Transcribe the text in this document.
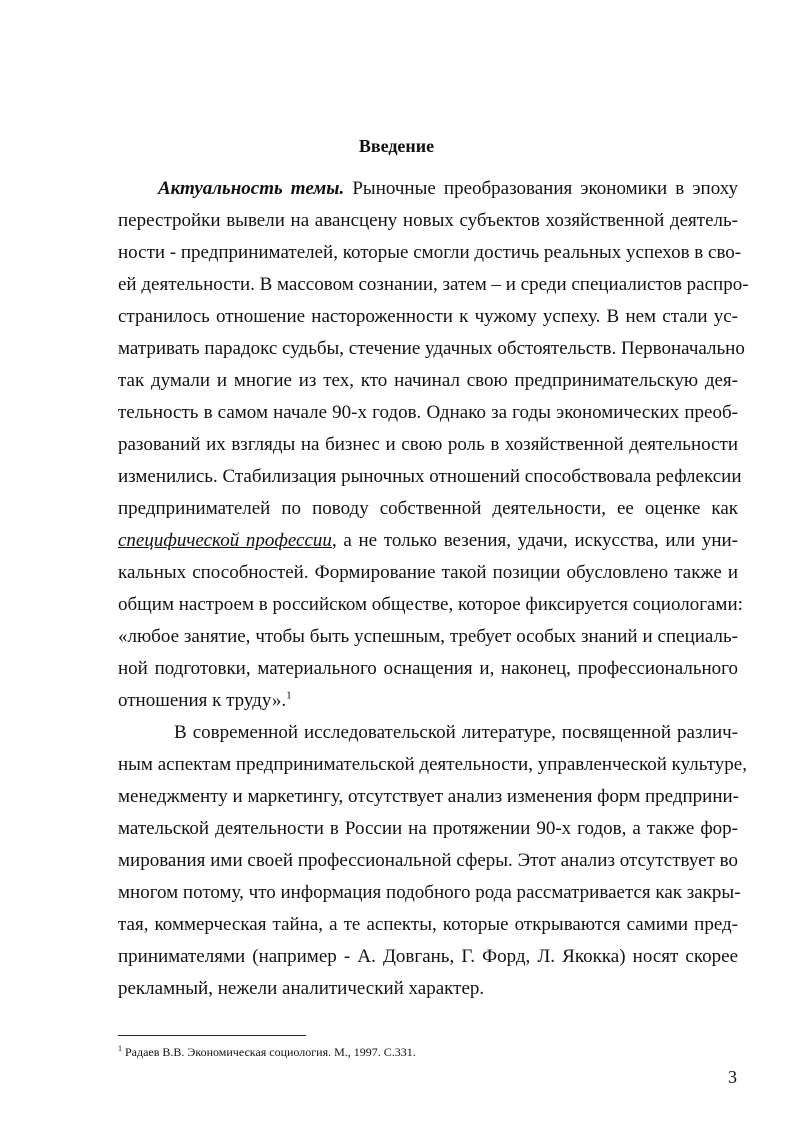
Введение
Актуальность темы. Рыночные преобразования экономики в эпоху
перестройки вывели на авансцену новых субъектов хозяйственной деятель-
ности - предпринимателей, которые смогли достичь реальных успехов в сво-
ей деятельности. В массовом сознании, затем – и среди специалистов распро-
странилось отношение настороженности к чужому успеху. В нем стали ус-
матривать парадокс судьбы, стечение удачных обстоятельств. Первоначально
так думали и многие из тех, кто начинал свою предпринимательскую дея-
тельность в самом начале 90-х годов. Однако за годы экономических преоб-
разований их взгляды на бизнес и свою роль в хозяйственной деятельности
изменились. Стабилизация рыночных отношений способствовала рефлексии
предпринимателей по поводу собственной деятельности, ее оценке как
специфической профессии, а не только везения, удачи, искусства, или уни-
кальных способностей. Формирование такой позиции обусловлено также и
общим настроем в российском обществе, которое фиксируется социологами:
«любое занятие, чтобы быть успешным, требует особых знаний и специаль-
ной подготовки, материального оснащения и, наконец, профессионального
отношения к труду».$^1$
В современной исследовательской литературе, посвященной различ-
ным аспектам предпринимательской деятельности, управленческой культуре,
менеджменту и маркетингу, отсутствует анализ изменения форм предприни-
мательской деятельности в России на протяжении 90-х годов, а также фор-
мирования ими своей профессиональной сферы. Этот анализ отсутствует во
многом потому, что информация подобного рода рассматривается как закры-
тая, коммерческая тайна, а те аспекты, которые открываются самими пред-
принимателями (например - А. Довгань, Г. Форд, Л. Якокка) носят скорее
рекламный, нежели аналитический характер.
$^1$ Радаев В.В. Экономическая социология. М., 1997. С.331.
3
